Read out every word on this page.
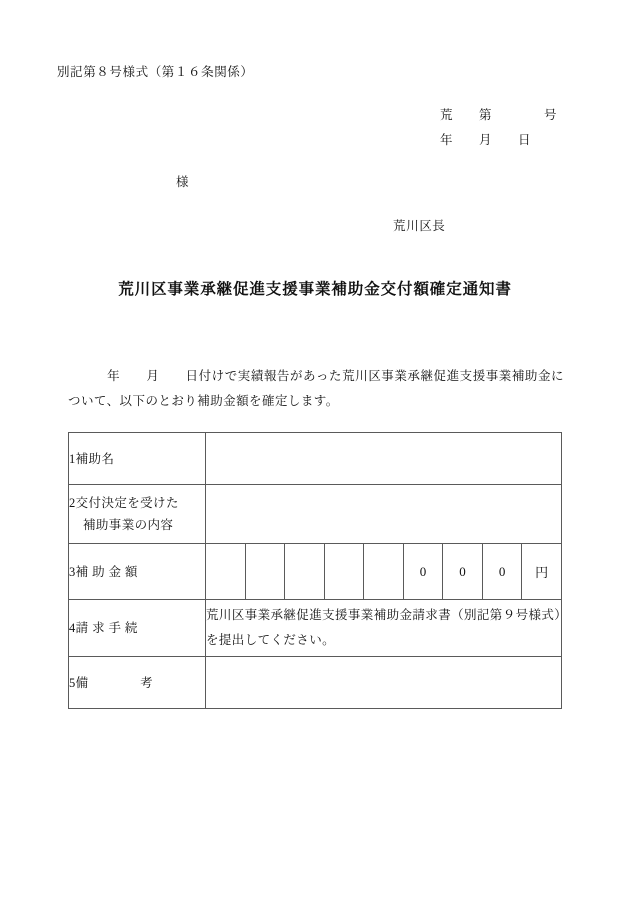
別記第８号様式（第１６条関係）
荒　　第　　　　号
年　　月　　日
様
荒川区長
荒川区事業承継促進支援事業補助金交付額確定通知書
　　　年　　月　　日付けで実績報告があった荒川区事業承継促進支援事業補助金について、以下のとおり補助金額を確定します。
1補助名									
2交付決定を受けた
補助事業の内容									

3補 助 金 額						0	0	0	円
4請 求 手 続	荒川区事業承継促進支援事業補助金請求書（別記第９号様式）を提出してください。								
5備　　　　考									
